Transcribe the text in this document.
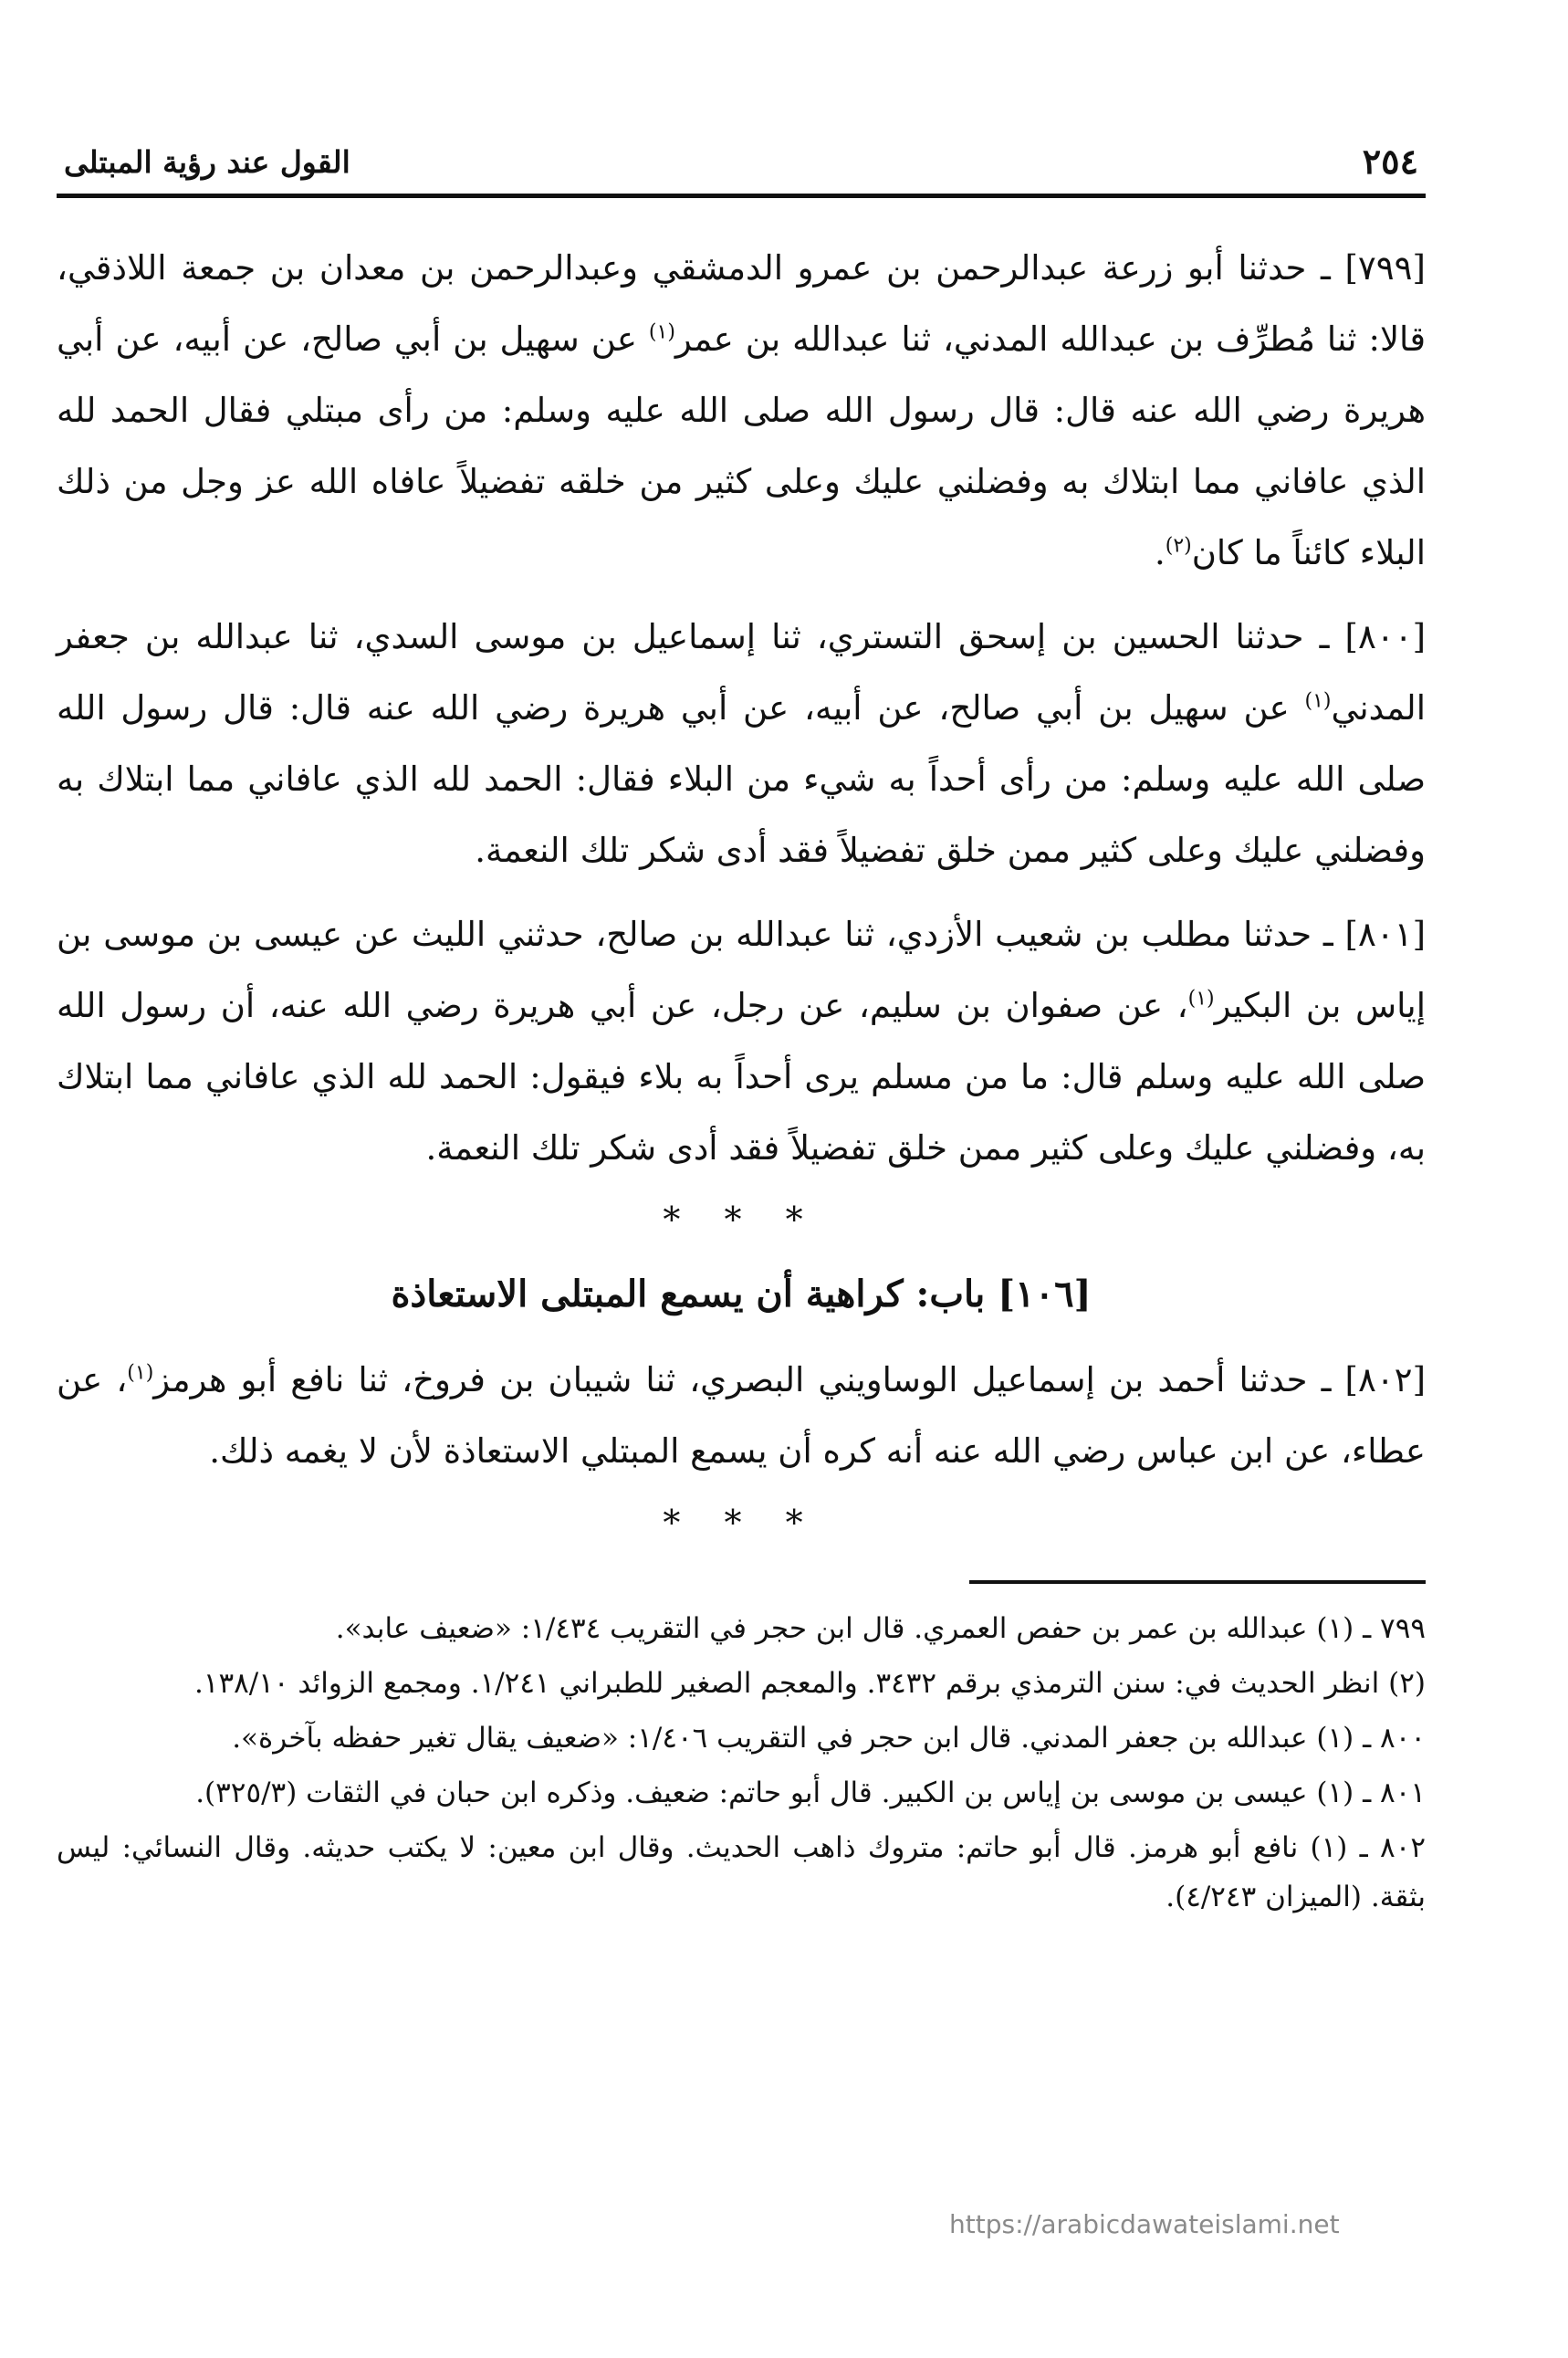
٢٥٤
القول عند رؤية المبتلى

[٧٩٩] ـ حدثنا أبو زرعة عبدالرحمن بن عمرو الدمشقي وعبدالرحمن بن معدان بن جمعة اللاذقي، قالا: ثنا مُطرِّف بن عبدالله المدني، ثنا عبدالله بن عمر$^{(١)}$ عن سهيل بن أبي صالح، عن أبيه، عن أبي هريرة رضي الله عنه قال: قال رسول الله صلى الله عليه وسلم: من رأى مبتلي فقال الحمد لله الذي عافاني مما ابتلاك به وفضلني عليك وعلى كثير من خلقه تفضيلاً عافاه الله عز وجل من ذلك البلاء كائناً ما كان$^{(٢)}$.

[٨٠٠] ـ حدثنا الحسين بن إسحق التستري، ثنا إسماعيل بن موسى السدي، ثنا عبدالله بن جعفر المدني$^{(١)}$ عن سهيل بن أبي صالح، عن أبيه، عن أبي هريرة رضي الله عنه قال: قال رسول الله صلى الله عليه وسلم: من رأى أحداً به شيء من البلاء فقال: الحمد لله الذي عافاني مما ابتلاك به وفضلني عليك وعلى كثير ممن خلق تفضيلاً فقد أدى شكر تلك النعمة.

[٨٠١] ـ حدثنا مطلب بن شعيب الأزدي، ثنا عبدالله بن صالح، حدثني الليث عن عيسى بن موسى بن إياس بن البكير$^{(١)}$، عن صفوان بن سليم، عن رجل، عن أبي هريرة رضي الله عنه، أن رسول الله صلى الله عليه وسلم قال: ما من مسلم يرى أحداً به بلاء فيقول: الحمد لله الذي عافاني مما ابتلاك به، وفضلني عليك وعلى كثير ممن خلق تفضيلاً فقد أدى شكر تلك النعمة.

* * *
[١٠٦] باب: كراهية أن يسمع المبتلى الاستعاذة

[٨٠٢] ـ حدثنا أحمد بن إسماعيل الوساويني البصري، ثنا شيبان بن فروخ، ثنا نافع أبو هرمز$^{(١)}$، عن عطاء، عن ابن عباس رضي الله عنه أنه كره أن يسمع المبتلي الاستعاذة لأن لا يغمه ذلك.

* * *

٧٩٩ ـ (١) عبدالله بن عمر بن حفص العمري. قال ابن حجر في التقريب ١/٤٣٤: «ضعيف عابد».

(٢) انظر الحديث في: سنن الترمذي برقم ٣٤٣٢. والمعجم الصغير للطبراني ١/٢٤١. ومجمع الزوائد ١٣٨/١٠.

٨٠٠ ـ (١) عبدالله بن جعفر المدني. قال ابن حجر في التقريب ١/٤٠٦: «ضعيف يقال تغير حفظه بآخرة».

٨٠١ ـ (١) عيسى بن موسى بن إياس بن الكبير. قال أبو حاتم: ضعيف. وذكره ابن حبان في الثقات (٣٢٥/٣).

٨٠٢ ـ (١) نافع أبو هرمز. قال أبو حاتم: متروك ذاهب الحديث. وقال ابن معين: لا يكتب حديثه. وقال النسائي: ليس بثقة. (الميزان ٤/٢٤٣).

https://arabicdawateislami.net
